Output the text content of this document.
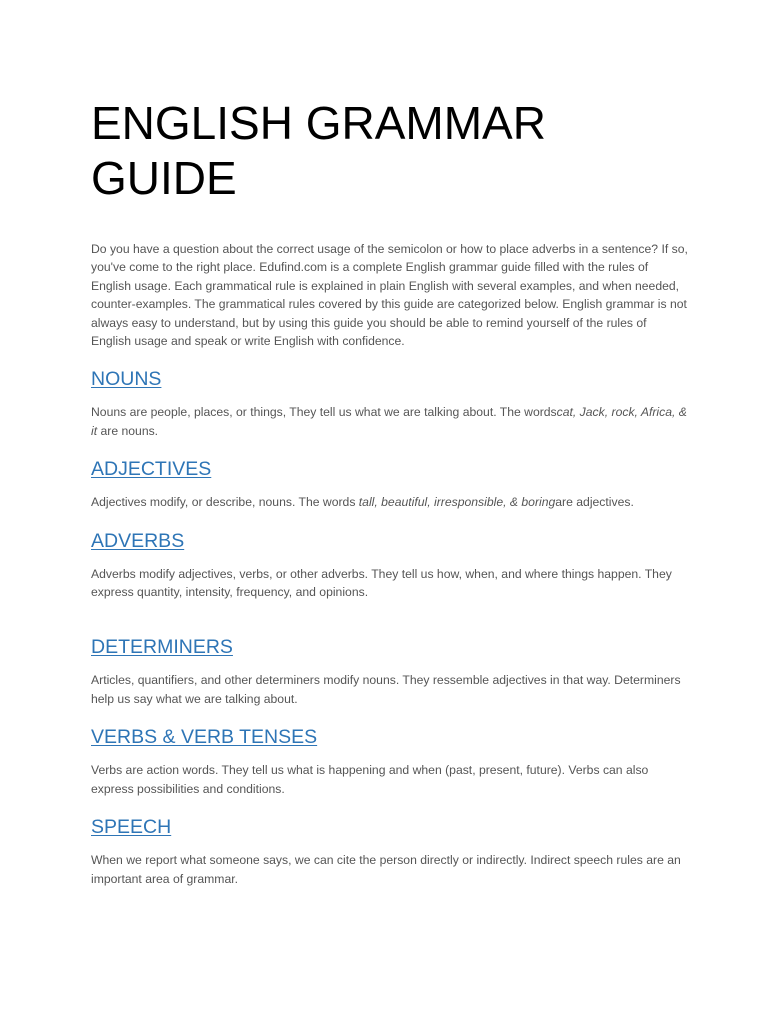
ENGLISH GRAMMAR
GUIDE

Do you have a question about the correct usage of the semicolon or how to place adverbs in a sentence? If so, you've come to the right place. Edufind.com is a complete English grammar guide filled with the rules of English usage. Each grammatical rule is explained in plain English with several examples, and when needed, counter-examples. The grammatical rules covered by this guide are categorized below. English grammar is not always easy to understand, but by using this guide you should be able to remind yourself of the rules of English usage and speak or write English with confidence.

NOUNS

Nouns are people, places, or things, They tell us what we are talking about. The wordscat, Jack, rock, Africa, & it are nouns.

ADJECTIVES

Adjectives modify, or describe, nouns. The words tall, beautiful, irresponsible, & boringare adjectives.

ADVERBS

Adverbs modify adjectives, verbs, or other adverbs. They tell us how, when, and where things happen. They express quantity, intensity, frequency, and opinions.

DETERMINERS

Articles, quantifiers, and other determiners modify nouns. They ressemble adjectives in that way. Determiners help us say what we are talking about.

VERBS & VERB TENSES

Verbs are action words. They tell us what is happening and when (past, present, future). Verbs can also express possibilities and conditions.

SPEECH

When we report what someone says, we can cite the person directly or indirectly. Indirect speech rules are an important area of grammar.
